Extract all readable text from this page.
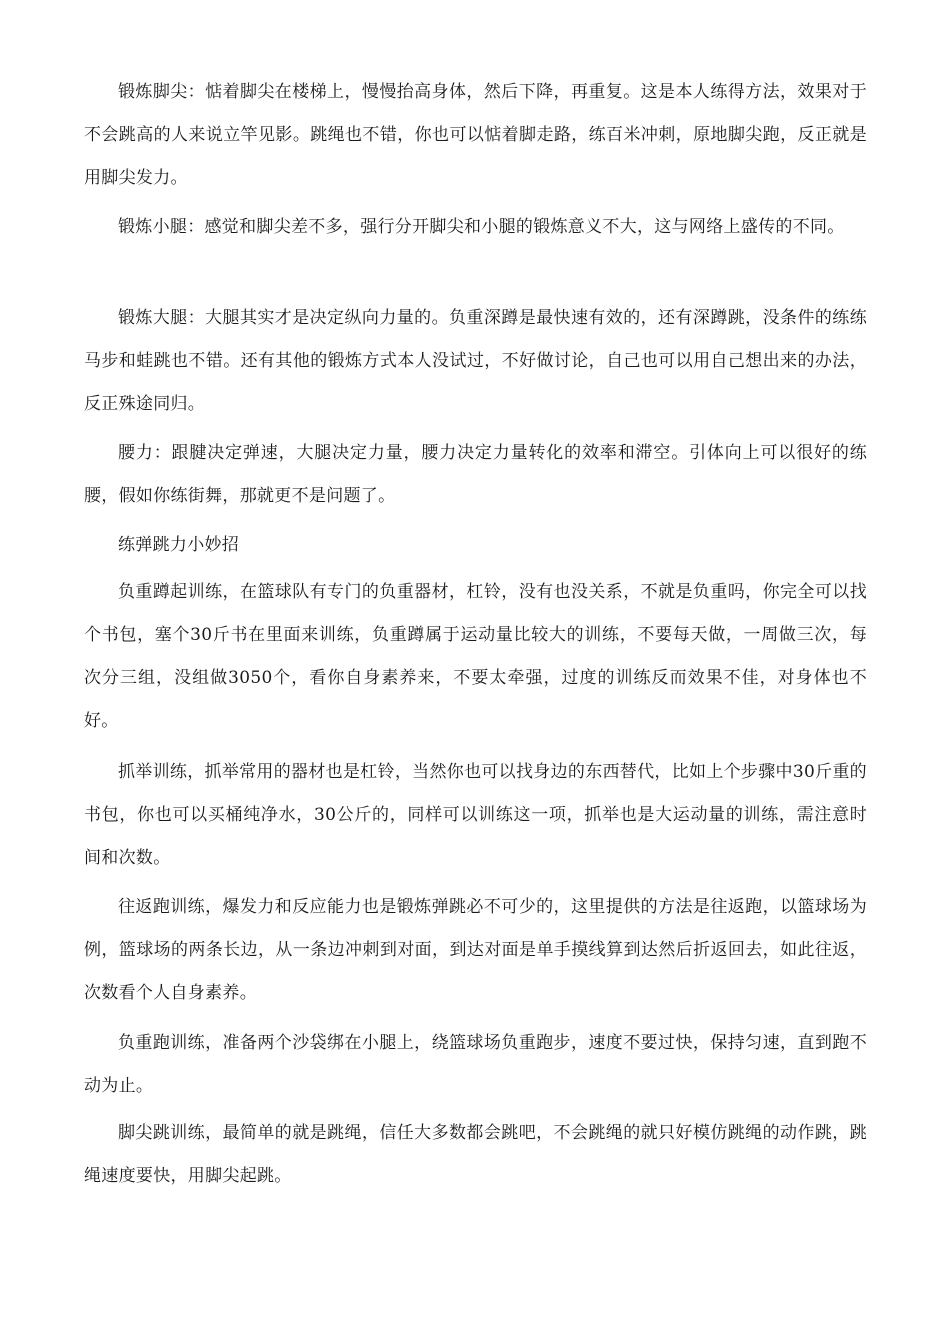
锻炼脚尖：惦着脚尖在楼梯上，慢慢抬高身体，然后下降，再重复。这是本人练得方法，效果对于不会跳高的人来说立竿见影。跳绳也不错，你也可以惦着脚走路，练百米冲刺，原地脚尖跑，反正就是用脚尖发力。

锻炼小腿：感觉和脚尖差不多，强行分开脚尖和小腿的锻炼意义不大，这与网络上盛传的不同。

锻炼大腿：大腿其实才是决定纵向力量的。负重深蹲是最快速有效的，还有深蹲跳，没条件的练练马步和蛙跳也不错。还有其他的锻炼方式本人没试过，不好做讨论，自己也可以用自己想出来的办法，反正殊途同归。

腰力：跟腱决定弹速，大腿决定力量，腰力决定力量转化的效率和滞空。引体向上可以很好的练腰，假如你练街舞，那就更不是问题了。

练弹跳力小妙招

负重蹲起训练，在篮球队有专门的负重器材，杠铃，没有也没关系，不就是负重吗，你完全可以找个书包，塞个30斤书在里面来训练，负重蹲属于运动量比较大的训练，不要每天做，一周做三次，每次分三组，没组做3050个，看你自身素养来，不要太牵强，过度的训练反而效果不佳，对身体也不好。

抓举训练，抓举常用的器材也是杠铃，当然你也可以找身边的东西替代，比如上个步骤中30斤重的书包，你也可以买桶纯净水，30公斤的，同样可以训练这一项，抓举也是大运动量的训练，需注意时间和次数。

往返跑训练，爆发力和反应能力也是锻炼弹跳必不可少的，这里提供的方法是往返跑，以篮球场为例，篮球场的两条长边，从一条边冲刺到对面，到达对面是单手摸线算到达然后折返回去，如此往返，次数看个人自身素养。

负重跑训练，准备两个沙袋绑在小腿上，绕篮球场负重跑步，速度不要过快，保持匀速，直到跑不动为止。

脚尖跳训练，最简单的就是跳绳，信任大多数都会跳吧，不会跳绳的就只好模仿跳绳的动作跳，跳绳速度要快，用脚尖起跳。
